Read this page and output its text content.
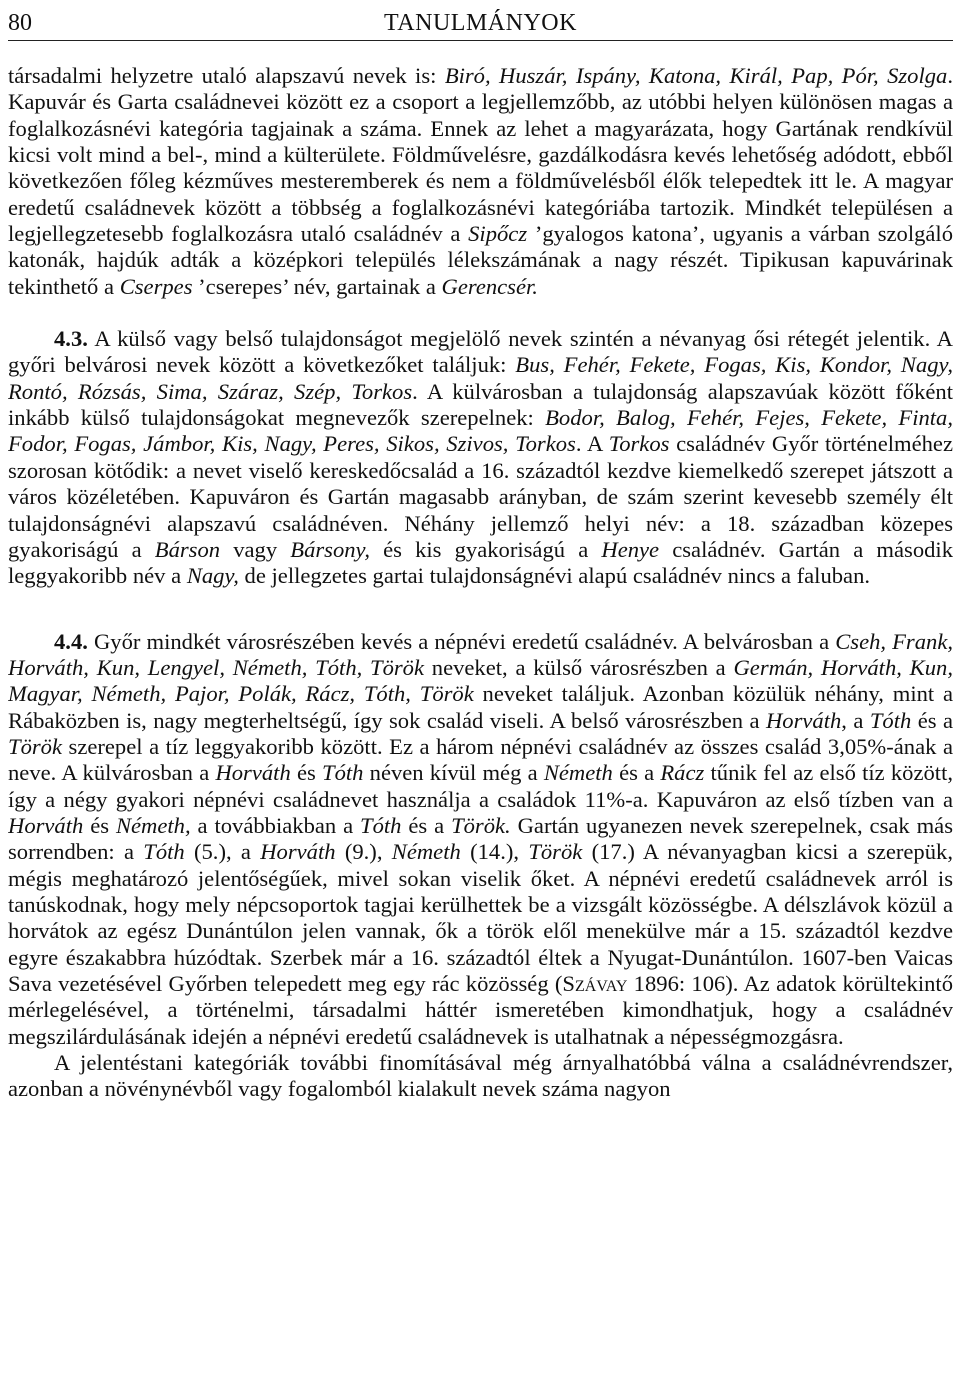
80	TANULMÁNYOK

társadalmi helyzetre utaló alapszavú nevek is: Biró, Huszár, Ispány, Katona, Királ, Pap, Pór, Szolga. Kapuvár és Garta családnevei között ez a csoport a legjellemzőbb, az utóbbi helyen különösen magas a foglalkozásnévi kategória tagjainak a száma. Ennek az lehet a magyarázata, hogy Gartának rendkívül kicsi volt mind a bel-, mind a külterülete. Földművelésre, gazdálkodásra kevés lehetőség adódott, ebből következően főleg kézműves mesteremberek és nem a földművelésből élők telepedtek itt le. A magyar eredetű családnevek között a többség a foglalkozásnévi kategóriába tartozik. Mindkét településen a legjellegzetesebb foglalkozásra utaló családnév a Sipőcz ’gyalogos katona’, ugyanis a várban szolgáló katonák, hajdúk adták a középkori település lélekszámának a nagy részét. Tipikusan kapuvárinak tekinthető a Cserpes ’cserepes’ név, gartainak a Gerencsér.

4.3. A külső vagy belső tulajdonságot megjelölő nevek szintén a névanyag ősi rétegét jelentik. A győri belvárosi nevek között a következőket találjuk: Bus, Fehér, Fekete, Fogas, Kis, Kondor, Nagy, Rontó, Rózsás, Sima, Száraz, Szép, Torkos. A külvárosban a tulajdonság alapszavúak között főként inkább külső tulajdonságokat megnevezők szerepelnek: Bodor, Balog, Fehér, Fejes, Fekete, Finta, Fodor, Fogas, Jámbor, Kis, Nagy, Peres, Sikos, Szivos, Torkos. A Torkos családnév Győr történelméhez szorosan kötődik: a nevet viselő kereskedőcsalád a 16. századtól kezdve kiemelkedő szerepet játszott a város közéletében. Kapuváron és Gartán magasabb arányban, de szám szerint kevesebb személy élt tulajdonságnévi alapszavú családnéven. Néhány jellemző helyi név: a 18. században közepes gyakoriságú a Bárson vagy Bársony, és kis gyakoriságú a Henye családnév. Gartán a második leggyakoribb név a Nagy, de jellegzetes gartai tulajdonságnévi alapú családnév nincs a faluban.

4.4. Győr mindkét városrészében kevés a népnévi eredetű családnév. A belvárosban a Cseh, Frank, Horváth, Kun, Lengyel, Németh, Tóth, Török neveket, a külső városrészben a Germán, Horváth, Kun, Magyar, Németh, Pajor, Polák, Rácz, Tóth, Török neveket találjuk. Azonban közülük néhány, mint a Rábaközben is, nagy megterheltségű, így sok család viseli. A belső városrészben a Horváth, a Tóth és a Török szerepel a tíz leggyakoribb között. Ez a három népnévi családnév az összes család 3,05%-ának a neve. A külvárosban a Horváth és Tóth néven kívül még a Németh és a Rácz tűnik fel az első tíz között, így a négy gyakori népnévi családnevet használja a családok 11%-a. Kapuváron az első tízben van a Horváth és Németh, a továbbiakban a Tóth és a Török. Gartán ugyanezen nevek szerepelnek, csak más sorrendben: a Tóth (5.), a Horváth (9.), Németh (14.), Török (17.) A névanyagban kicsi a szerepük, mégis meghatározó jelentőségűek, mivel sokan viselik őket. A népnévi eredetű családnevek arról is tanúskodnak, hogy mely népcsoportok tagjai kerülhettek be a vizsgált közösségbe. A délszlávok közül a horvátok az egész Dunántúlon jelen vannak, ők a török elől menekülve már a 15. századtól kezdve egyre északabbra húzódtak. Szerbek már a 16. századtól éltek a Nyugat-Dunántúlon. 1607-ben Vaicas Sava vezetésével Győrben telepedett meg egy rác közösség (Szávay 1896: 106). Az adatok körültekintő mérlegelésével, a történelmi, társadalmi háttér ismeretében kimondhatjuk, hogy a családnév megszilárdulásának idején a népnévi eredetű családnevek is utalhatnak a népességmozgásra.

A jelentéstani kategóriák további finomításával még árnyalhatóbbá válna a családnévrendszer, azonban a növénynévből vagy fogalomból kialakult nevek száma nagyon
